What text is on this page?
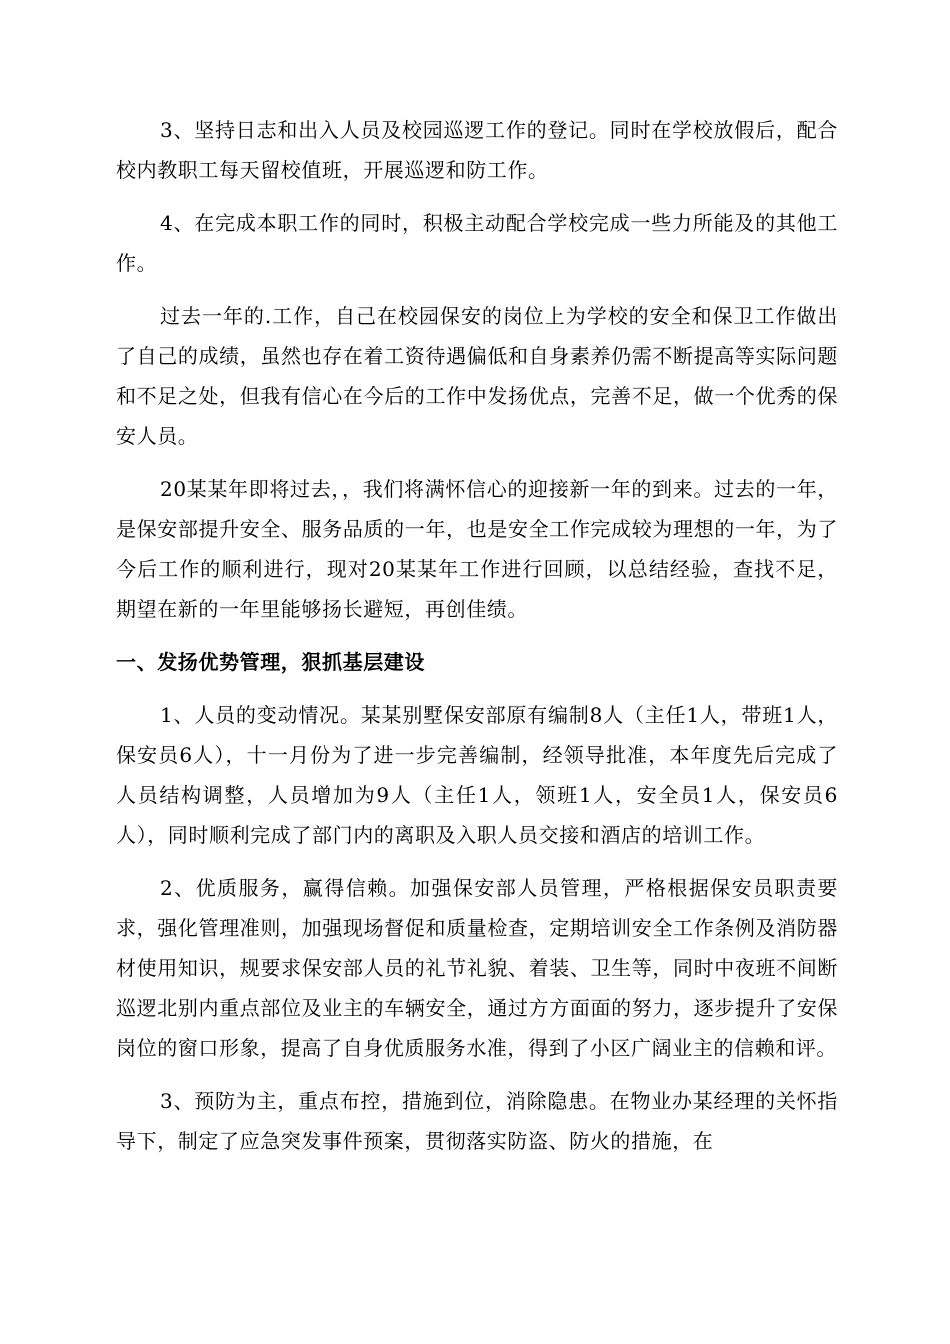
3、坚持日志和出入人员及校园巡逻工作的登记。同时在学校放假后，配合校内教职工每天留校值班，开展巡逻和防工作。

4、在完成本职工作的同时，积极主动配合学校完成一些力所能及的其他工作。

过去一年的.工作，自己在校园保安的岗位上为学校的安全和保卫工作做出了自己的成绩，虽然也存在着工资待遇偏低和自身素养仍需不断提高等实际问题和不足之处，但我有信心在今后的工作中发扬优点，完善不足，做一个优秀的保安人员。

20某某年即将过去，，我们将满怀信心的迎接新一年的到来。过去的一年，是保安部提升安全、服务品质的一年，也是安全工作完成较为理想的一年，为了今后工作的顺利进行，现对20某某年工作进行回顾，以总结经验，查找不足，期望在新的一年里能够扬长避短，再创佳绩。

一、发扬优势管理，狠抓基层建设

1、人员的变动情况。某某别墅保安部原有编制8人（主任1人，带班1人，保安员6人），十一月份为了进一步完善编制，经领导批准，本年度先后完成了人员结构调整，人员增加为9人（主任1人，领班1人，安全员1人，保安员6人），同时顺利完成了部门内的离职及入职人员交接和酒店的培训工作。

2、优质服务，赢得信赖。加强保安部人员管理，严格根据保安员职责要求，强化管理准则，加强现场督促和质量检查，定期培训安全工作条例及消防器材使用知识，规要求保安部人员的礼节礼貌、着装、卫生等，同时中夜班不间断巡逻北别内重点部位及业主的车辆安全，通过方方面面的努力，逐步提升了安保岗位的窗口形象，提高了自身优质服务水准，得到了小区广阔业主的信赖和评。

3、预防为主，重点布控，措施到位，消除隐患。在物业办某经理的关怀指导下，制定了应急突发事件预案，贯彻落实防盗、防火的措施，在
